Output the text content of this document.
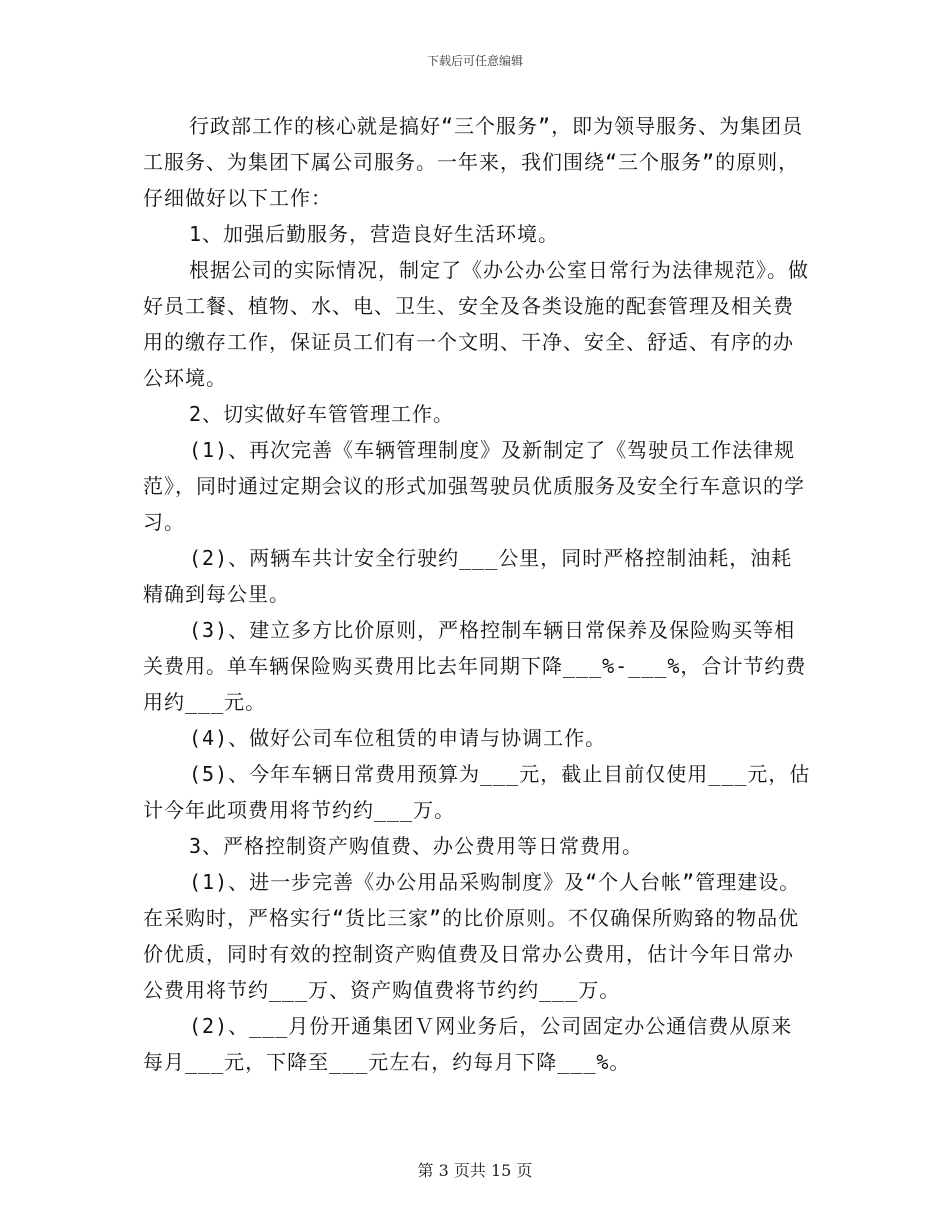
下载后可任意编辑

行政部工作的核心就是搞好“三个服务”，即为领导服务、为集团员工服务、为集团下属公司服务。一年来，我们围绕“三个服务”的原则，仔细做好以下工作：

1、加强后勤服务，营造良好生活环境。

根据公司的实际情况，制定了《办公办公室日常行为法律规范》。做好员工餐、植物、水、电、卫生、安全及各类设施的配套管理及相关费用的缴存工作，保证员工们有一个文明、干净、安全、舒适、有序的办公环境。

2、切实做好车管管理工作。

(1)、再次完善《车辆管理制度》及新制定了《驾驶员工作法律规范》，同时通过定期会议的形式加强驾驶员优质服务及安全行车意识的学习。

(2)、两辆车共计安全行驶约___公里，同时严格控制油耗，油耗精确到每公里。

(3)、建立多方比价原则，严格控制车辆日常保养及保险购买等相关费用。单车辆保险购买费用比去年同期下降___%-___%，合计节约费用约___元。

(4)、做好公司车位租赁的申请与协调工作。

(5)、今年车辆日常费用预算为___元，截止目前仅使用___元，估计今年此项费用将节约约___万。

3、严格控制资产购值费、办公费用等日常费用。

(1)、进一步完善《办公用品采购制度》及“个人台帐”管理建设。在采购时，严格实行“货比三家”的比价原则。不仅确保所购臵的物品优价优质，同时有效的控制资产购值费及日常办公费用，估计今年日常办公费用将节约___万、资产购值费将节约约___万。

(2)、___月份开通集团Ｖ网业务后，公司固定办公通信费从原来每月___元，下降至___元左右，约每月下降___%。

第 3 页共 15 页
